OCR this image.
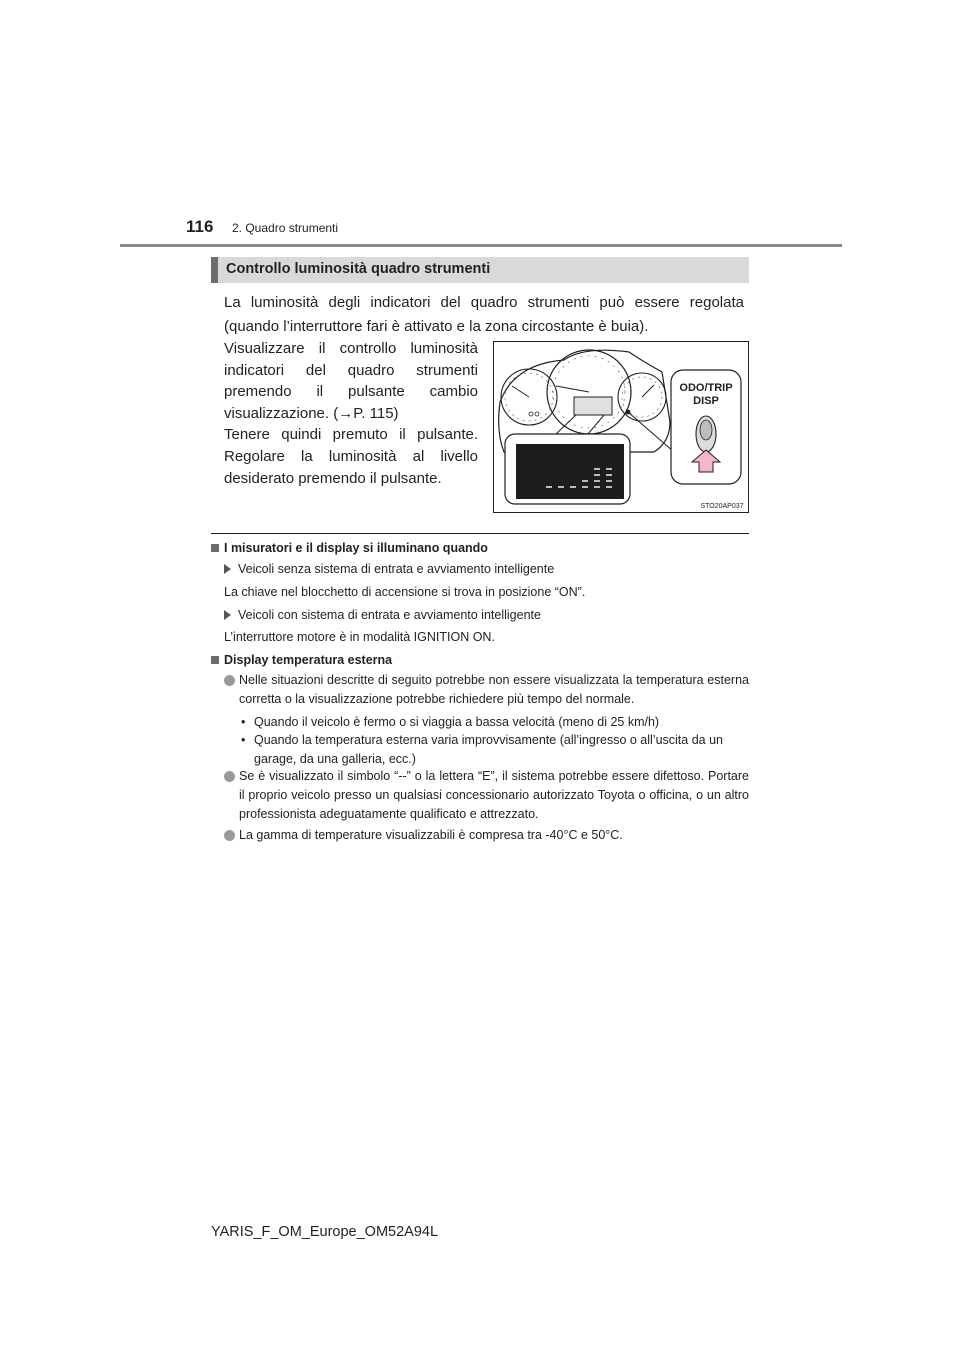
116 2. Quadro strumenti
Controllo luminosità quadro strumenti
La luminosità degli indicatori del quadro strumenti può essere regolata (quando l’interruttore fari è attivato e la zona circostante è buia).

Visualizzare il controllo luminosità indicatori del quadro strumenti premendo il pulsante cambio visualizzazione. (→P. 115)

Tenere quindi premuto il pulsante. Regolare la luminosità al livello desiderato premendo il pulsante.

ODO/TRIP
DISP
STO20AP037
I misuratori e il display si illuminano quando
Veicoli senza sistema di entrata e avviamento intelligente
La chiave nel blocchetto di accensione si trova in posizione “ON”.
Veicoli con sistema di entrata e avviamento intelligente
L’interruttore motore è in modalità IGNITION ON.
Display temperatura esterna
Nelle situazioni descritte di seguito potrebbe non essere visualizzata la temperatura esterna corretta o la visualizzazione potrebbe richiedere più tempo del normale.
• Quando il veicolo è fermo o si viaggia a bassa velocità (meno di 25 km/h)
• Quando la temperatura esterna varia improvvisamente (all’ingresso o all’uscita da un garage, da una galleria, ecc.)
Se è visualizzato il simbolo “--” o la lettera “E”, il sistema potrebbe essere difettoso. Portare il proprio veicolo presso un qualsiasi concessionario autorizzato Toyota o officina, o un altro professionista adeguatamente qualificato e attrezzato.
La gamma di temperature visualizzabili è compresa tra -40°C e 50°C.
YARIS_F_OM_Europe_OM52A94L
